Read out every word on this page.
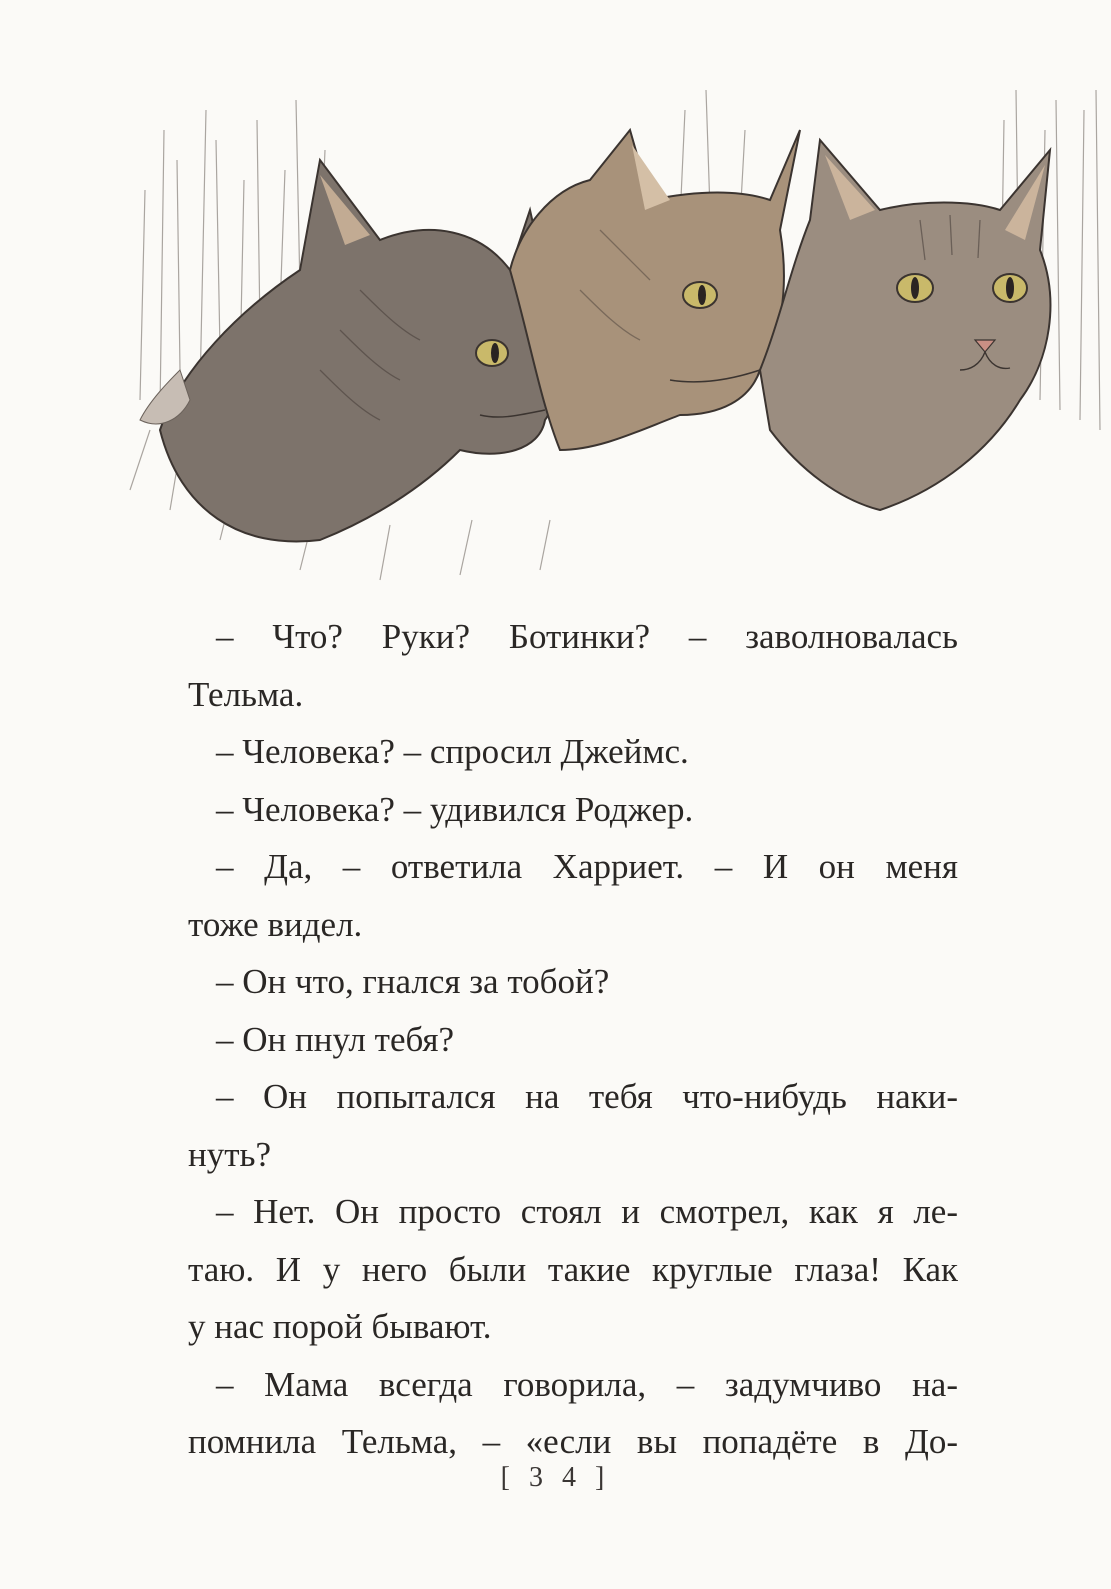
– Что? Руки? Ботинки? – заволновалась
Тельма.
– Человека? – спросил Джеймс.
– Человека? – удивился Роджер.
– Да, – ответила Харриет. – И он меня
тоже видел.
– Он что, гнался за тобой?
– Он пнул тебя?
– Он попытался на тебя что-нибудь наки-
нуть?
– Нет. Он просто стоял и смотрел, как я ле-
таю. И у него были такие круглые глаза! Как
у нас порой бывают.
– Мама всегда говорила, – задумчиво на-
помнила Тельма, – «если вы попадёте в До-
[ 3 4 ]
